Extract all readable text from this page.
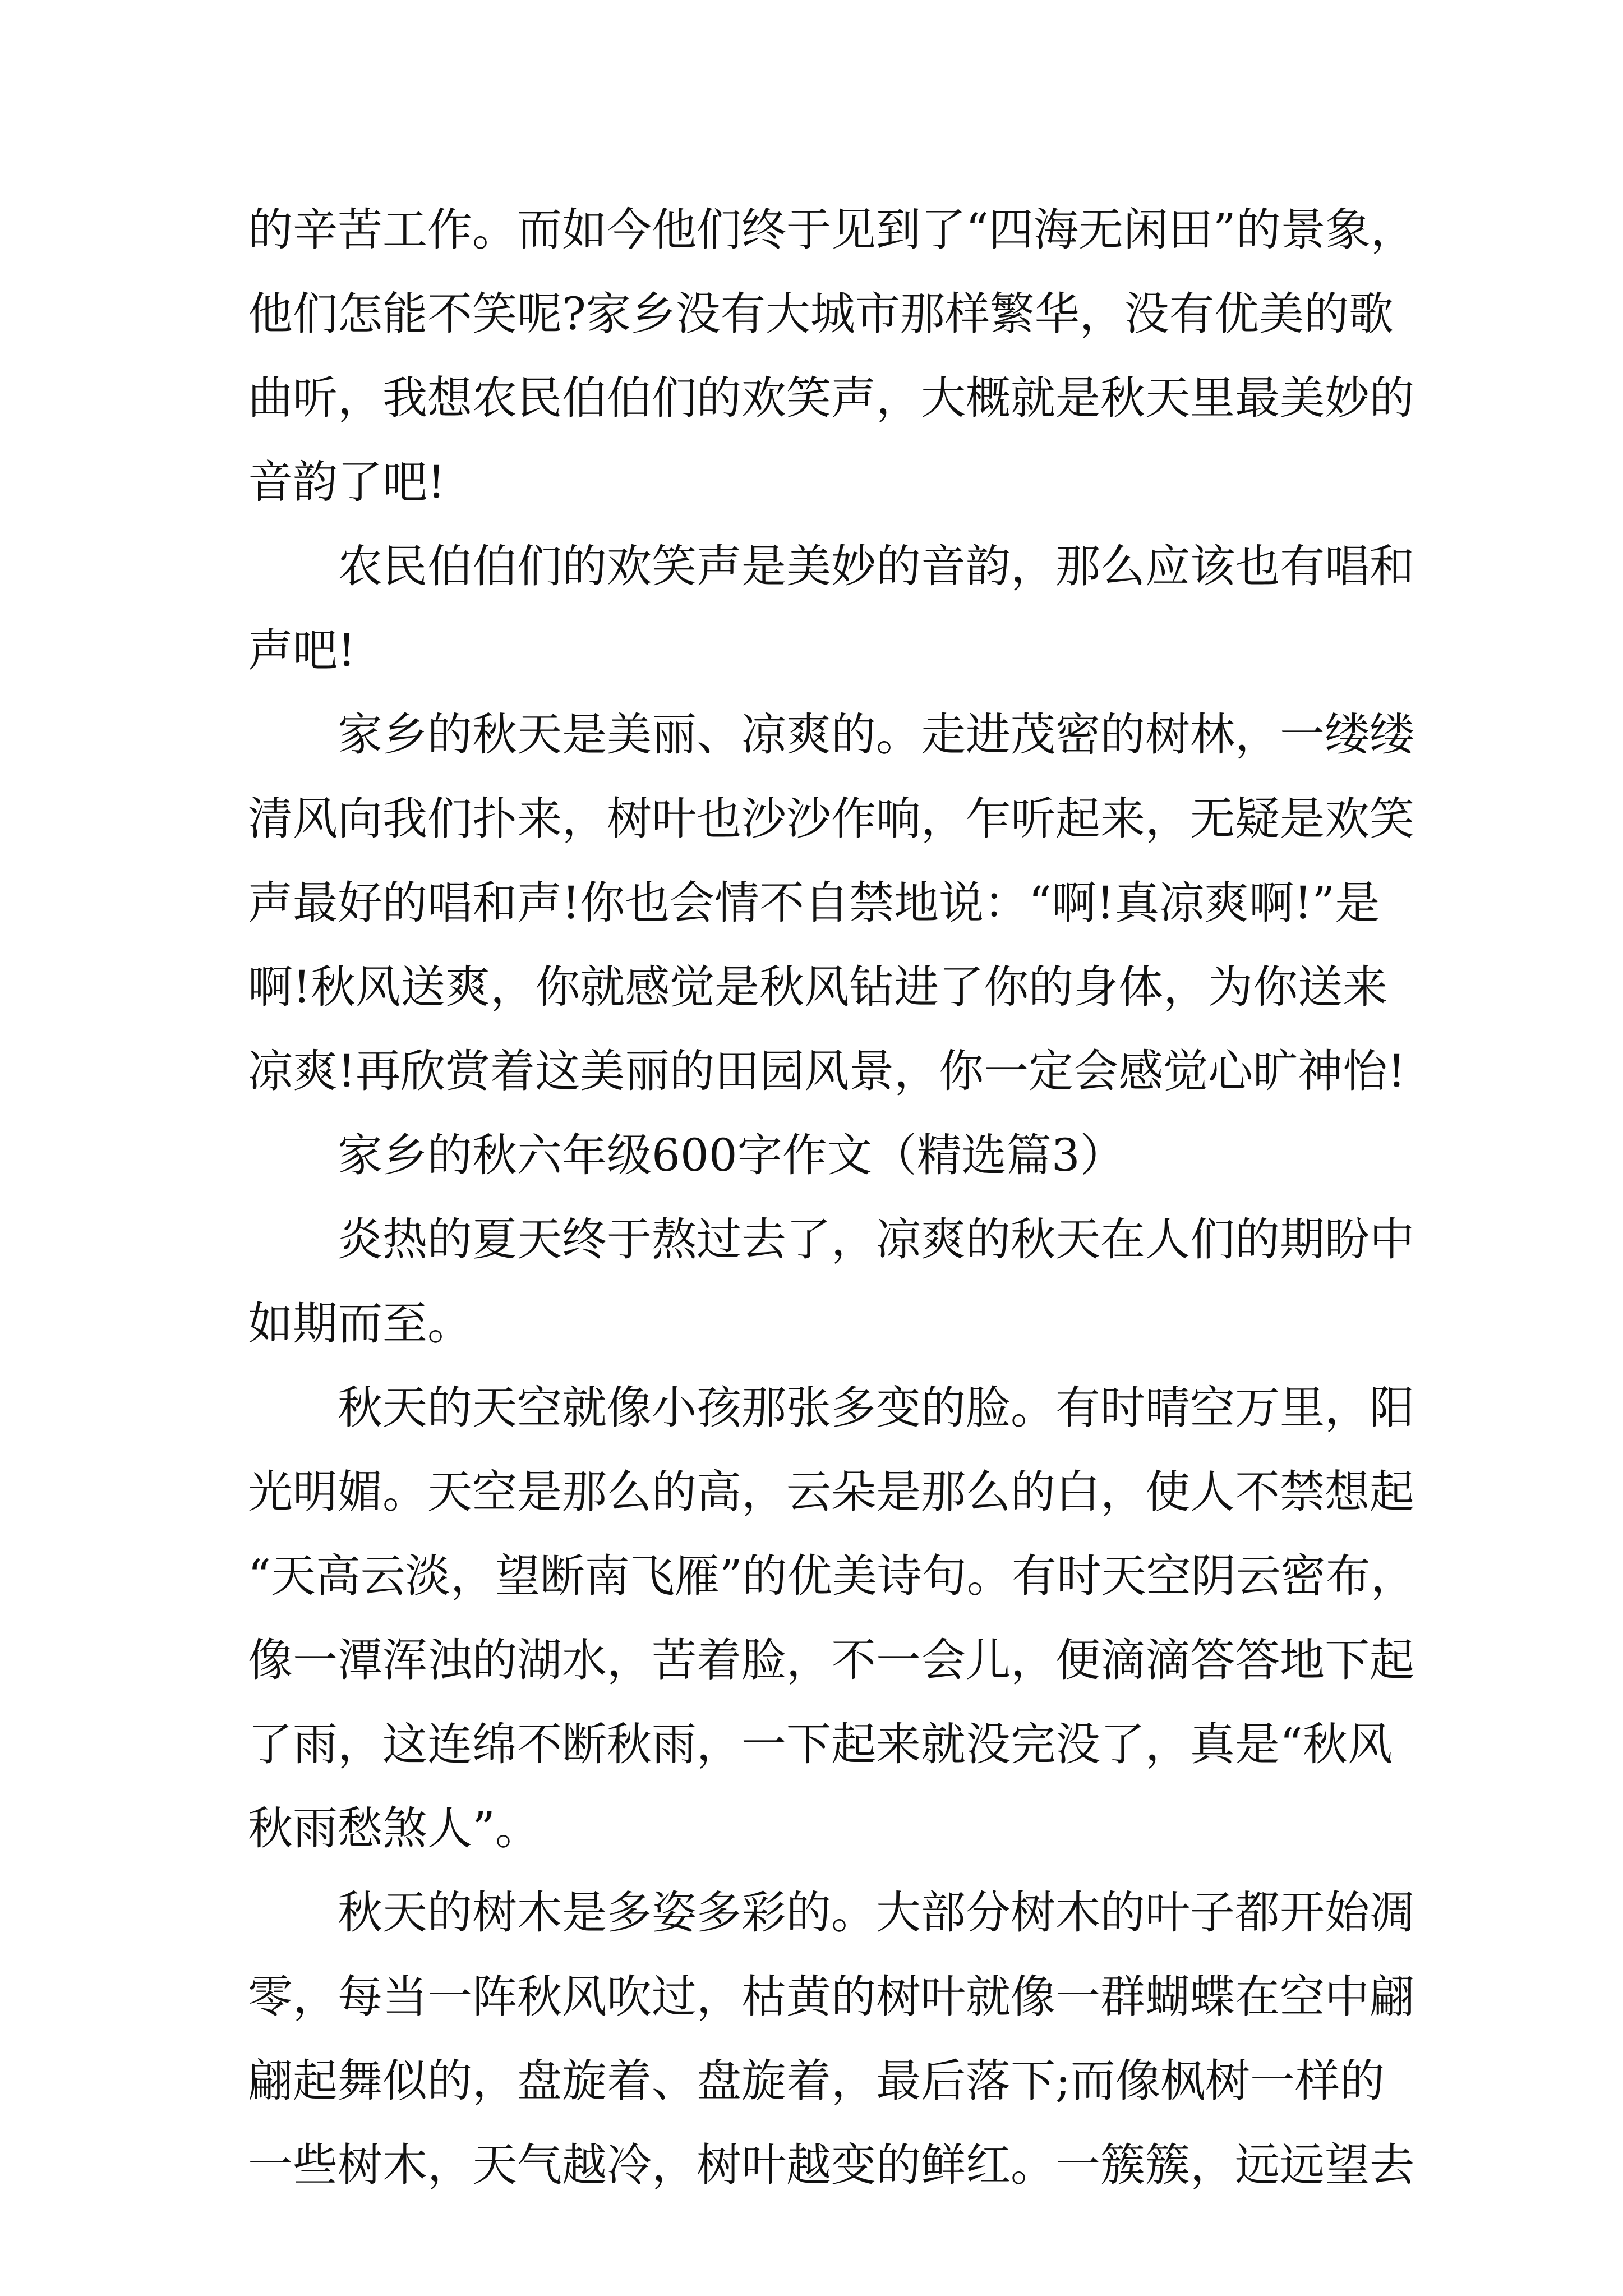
的辛苦工作。而如今他们终于见到了“四海无闲田”的景象，
他们怎能不笑呢?家乡没有大城市那样繁华，没有优美的歌
曲听，我想农民伯伯们的欢笑声，大概就是秋天里最美妙的
音韵了吧!
农民伯伯们的欢笑声是美妙的音韵，那么应该也有唱和
声吧!
家乡的秋天是美丽、凉爽的。走进茂密的树林，一缕缕
清风向我们扑来，树叶也沙沙作响，乍听起来，无疑是欢笑
声最好的唱和声!你也会情不自禁地说：“啊!真凉爽啊!”是
啊!秋风送爽，你就感觉是秋风钻进了你的身体，为你送来
凉爽!再欣赏着这美丽的田园风景，你一定会感觉心旷神怡!
家乡的秋六年级600字作文（精选篇3）
炎热的夏天终于熬过去了，凉爽的秋天在人们的期盼中
如期而至。
秋天的天空就像小孩那张多变的脸。有时晴空万里，阳
光明媚。天空是那么的高，云朵是那么的白，使人不禁想起
“天高云淡，望断南飞雁”的优美诗句。有时天空阴云密布，
像一潭浑浊的湖水，苦着脸，不一会儿，便滴滴答答地下起
了雨，这连绵不断秋雨，一下起来就没完没了，真是“秋风
秋雨愁煞人”。
秋天的树木是多姿多彩的。大部分树木的叶子都开始凋
零，每当一阵秋风吹过，枯黄的树叶就像一群蝴蝶在空中翩
翩起舞似的，盘旋着、盘旋着，最后落下;而像枫树一样的
一些树木，天气越冷，树叶越变的鲜红。一簇簇，远远望去
